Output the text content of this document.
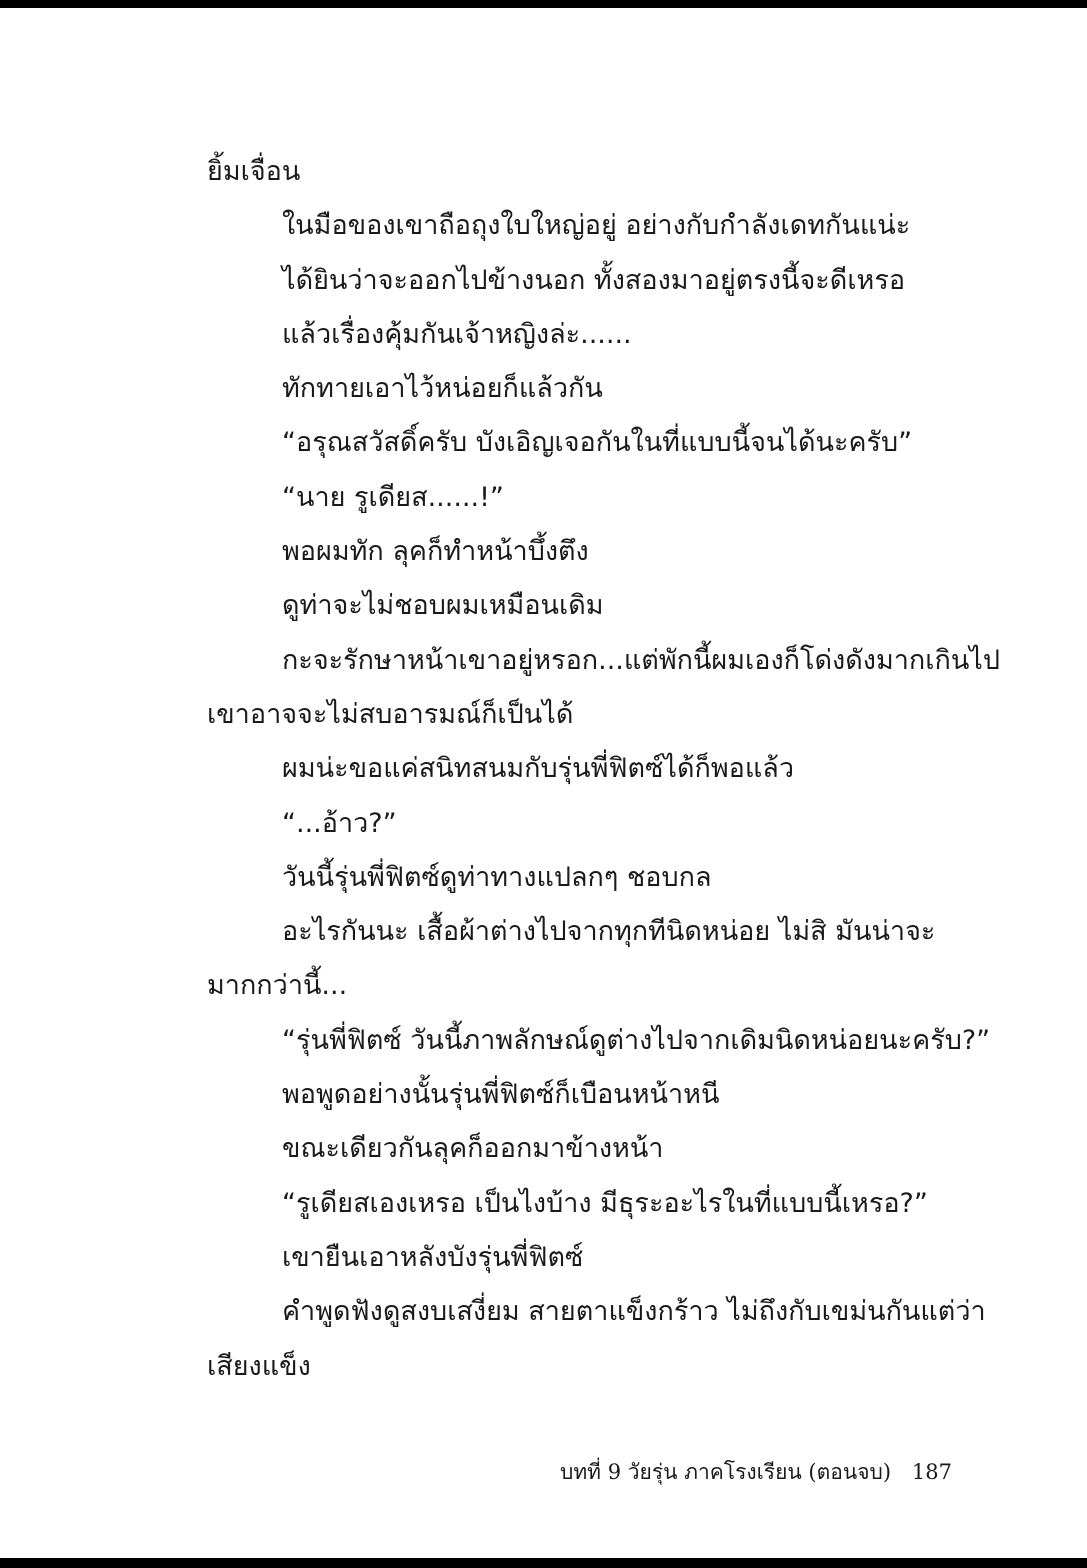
ยิ้มเจื่อน
ในมือของเขาถือถุงใบใหญ่อยู่ อย่างกับกำลังเดทกันแน่ะ
ได้ยินว่าจะออกไปข้างนอก ทั้งสองมาอยู่ตรงนี้จะดีเหรอ
แล้วเรื่องคุ้มกันเจ้าหญิงล่ะ......
ทักทายเอาไว้หน่อยก็แล้วกัน
“อรุณสวัสดิ์ครับ บังเอิญเจอกันในที่แบบนี้จนได้นะครับ”
“นาย รูเดียส......!”
พอผมทัก ลุคก็ทำหน้าบึ้งตึง
ดูท่าจะไม่ชอบผมเหมือนเดิม
กะจะรักษาหน้าเขาอยู่หรอก...แต่พักนี้ผมเองก็โด่งดังมากเกินไป
เขาอาจจะไม่สบอารมณ์ก็เป็นได้
ผมน่ะขอแค่สนิทสนมกับรุ่นพี่ฟิตซ์ได้ก็พอแล้ว
“...อ้าว?”
วันนี้รุ่นพี่ฟิตซ์ดูท่าทางแปลกๆ ชอบกล
อะไรกันนะ เสื้อผ้าต่างไปจากทุกทีนิดหน่อย ไม่สิ มันน่าจะ
มากกว่านี้...
“รุ่นพี่ฟิตซ์ วันนี้ภาพลักษณ์ดูต่างไปจากเดิมนิดหน่อยนะครับ?”
พอพูดอย่างนั้นรุ่นพี่ฟิตซ์ก็เบือนหน้าหนี
ขณะเดียวกันลุคก็ออกมาข้างหน้า
“รูเดียสเองเหรอ เป็นไงบ้าง มีธุระอะไรในที่แบบนี้เหรอ?”
เขายืนเอาหลังบังรุ่นพี่ฟิตซ์
คำพูดฟังดูสงบเสงี่ยม สายตาแข็งกร้าว ไม่ถึงกับเขม่นกันแต่ว่า
เสียงแข็ง
บทที่ 9 วัยรุ่น ภาคโรงเรียน (ตอนจบ) 187
